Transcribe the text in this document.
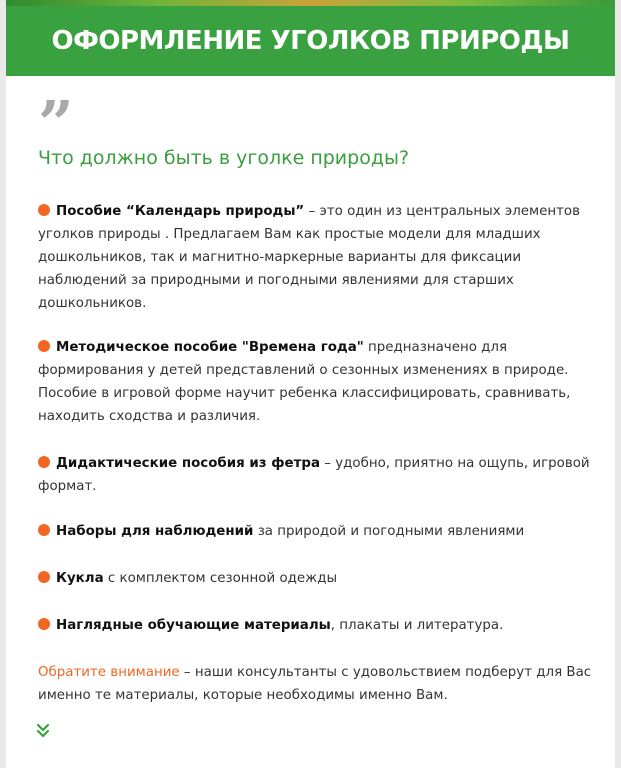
ОФОРМЛЕНИЕ УГОЛКОВ ПРИРОДЫ
”
Что должно быть в уголке природы?
Пособие “Календарь природы” – это один из центральных элементов уголков природы . Предлагаем Вам как простые модели для младших дошкольников, так и магнитно-маркерные варианты для фиксации наблюдений за природными и погодными явлениями для старших дошкольников.
Методическое пособие "Времена года" предназначено для формирования у детей представлений о сезонных изменениях в природе. Пособие в игровой форме научит ребенка классифицировать, сравнивать, находить сходства и различия.
Дидактические пособия из фетра – удобно, приятно на ощупь, игровой формат.
Наборы для наблюдений за природой и погодными явлениями
Кукла с комплектом сезонной одежды
Наглядные обучающие материалы, плакаты и литература.
Обратите внимание – наши консультанты с удовольствием подберут для Вас именно те материалы, которые необходимы именно Вам.
